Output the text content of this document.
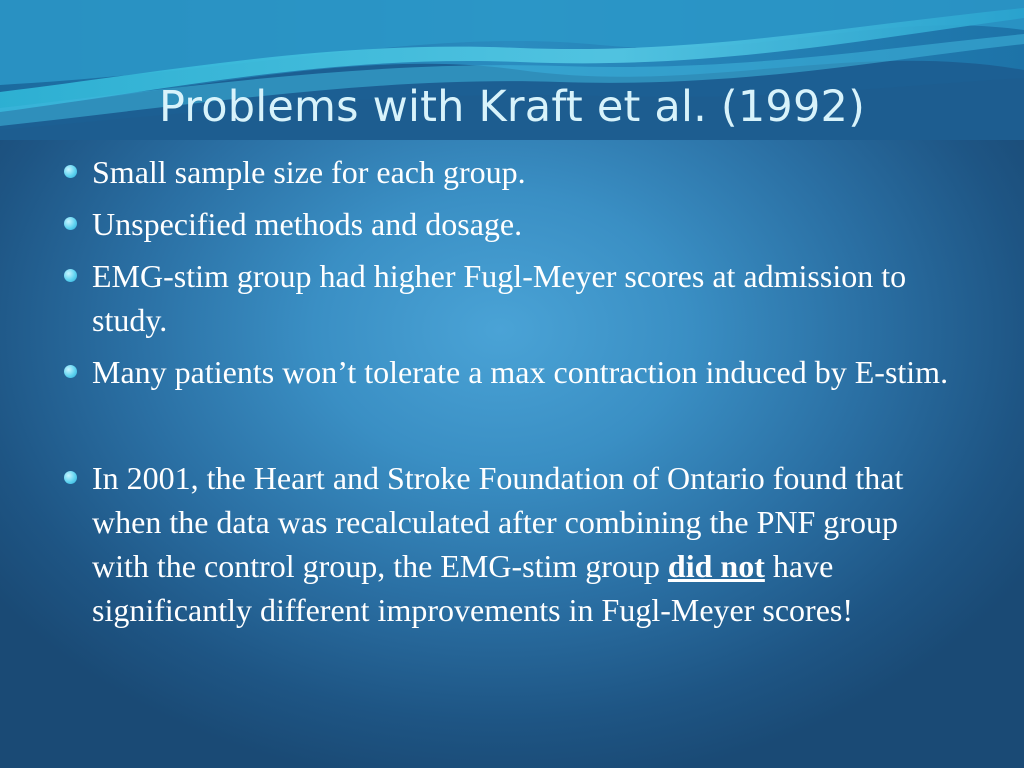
Problems with Kraft et al. (1992)
Small sample size for each group.
Unspecified methods and dosage.
EMG-stim group had higher Fugl-Meyer scores at admission to study.
Many patients won’t tolerate a max contraction induced by E-stim.
In 2001, the Heart and Stroke Foundation of Ontario found that when the data was recalculated after combining the PNF group with the control group, the EMG-stim group did not have significantly different improvements in Fugl-Meyer scores!
